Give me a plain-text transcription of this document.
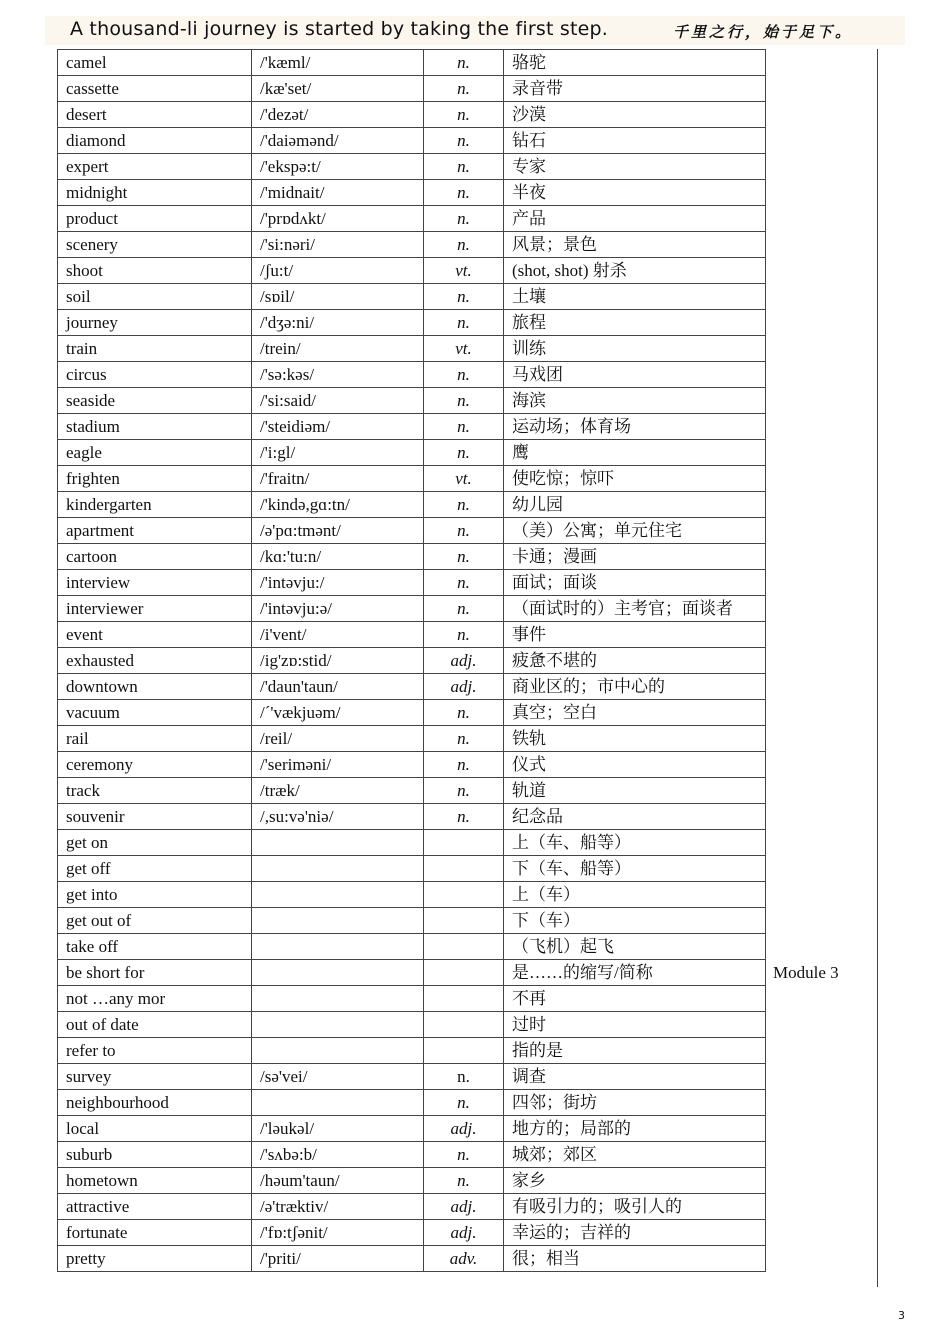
A thousand-li journey is started by taking the first step.	千里之行，始于足下。
camel	/'kæml/	n.	骆驼
cassette	/kæ'set/	n.	录音带
desert	/'dezət/	n.	沙漠
diamond	/'daiəmənd/	n.	钻石
expert	/'ekspə:t/	n.	专家
midnight	/'midnait/	n.	半夜
product	/'prɒdʌkt/	n.	产品
scenery	/'si:nəri/	n.	风景；景色
shoot	/ʃu:t/	vt.	(shot, shot) 射杀
soil	/sɒil/	n.	土壤
journey	/'dʒə:ni/	n.	旅程
train	/trein/	vt.	训练
circus	/'sə:kəs/	n.	马戏团
seaside	/'si:said/	n.	海滨
stadium	/'steidiəm/	n.	运动场；体育场
eagle	/'i:gl/	n.	鹰
frighten	/'fraitn/	vt.	使吃惊；惊吓
kindergarten	/'kində,gɑ:tn/	n.	幼儿园
apartment	/ə'pɑ:tmənt/	n.	（美）公寓；单元住宅
cartoon	/kɑ:'tu:n/	n.	卡通；漫画
interview	/'intəvju:/	n.	面试；面谈
interviewer	/'intəvju:ə/	n.	（面试时的）主考官；面谈者
event	/i'vent/	n.	事件
exhausted	/ig'zɒ:stid/	adj.	疲惫不堪的
downtown	/'daun'taun/	adj.	商业区的；市中心的
vacuum	/ˊ'vækjuəm/	n.	真空；空白
rail	/reil/	n.	铁轨
ceremony	/'seriməni/	n.	仪式
track	/træk/	n.	轨道
souvenir	/,su:və'niə/	n.	纪念品
get on			上（车、船等）
get off			下（车、船等）
get into			上（车）
get out of			下（车）
take off			（飞机）起飞
be short for			是……的缩写/简称
not …any mor			不再
out of date			过时
refer to			指的是
survey	/sə'vei/	n.	调查
neighbourhood		n.	四邻；街坊
local	/'ləukəl/	adj.	地方的；局部的
suburb	/'sʌbə:b/	n.	城郊；郊区
hometown	/həum'taun/	n.	家乡
attractive	/ə'træktiv/	adj.	有吸引力的；吸引人的
fortunate	/'fɒ:tʃənit/	adj.	幸运的；吉祥的
pretty	/'priti/	adv.	很；相当
Module 3
3
